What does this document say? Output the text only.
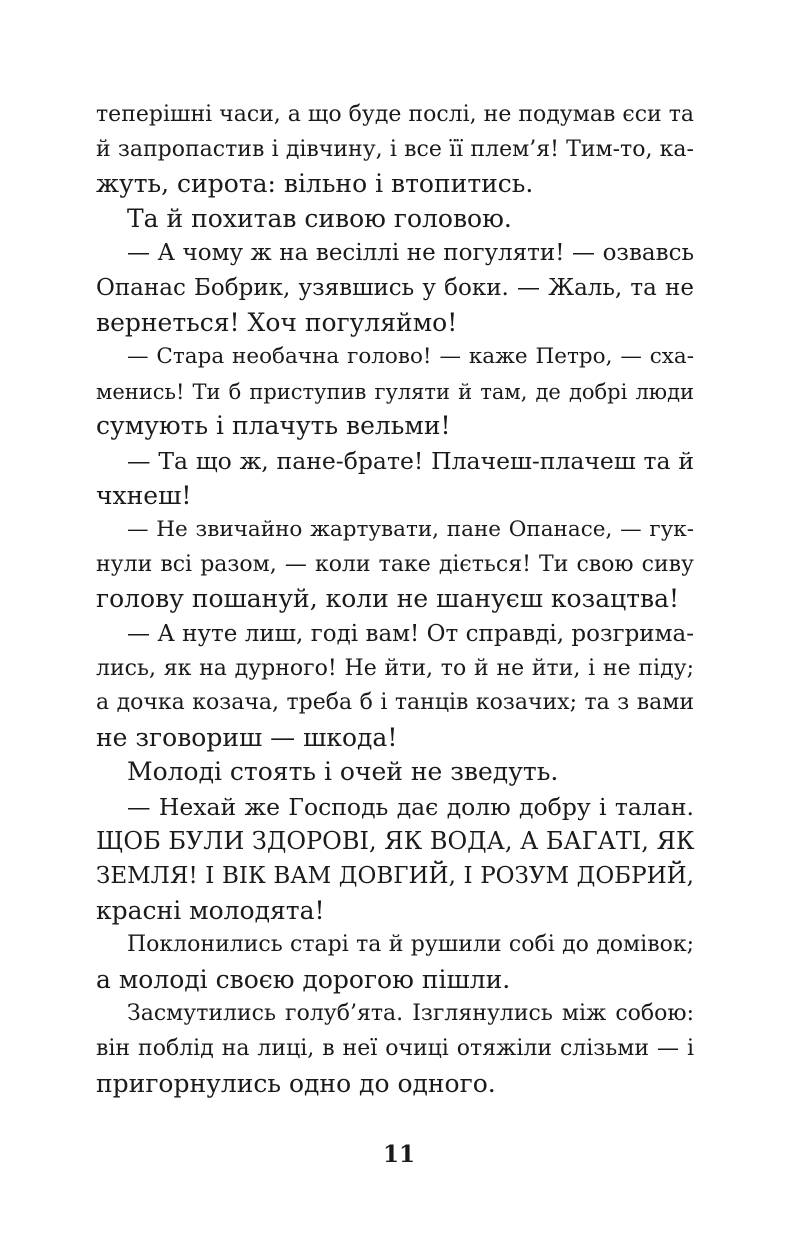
теперішні часи, а що буде послі, не подумав єси та
й запропастив і дівчину, і все її плем’я! Тим-то, ка-
жуть, сирота: вільно і втопитись.
Та й похитав сивою головою.
— А чому ж на весіллі не погуляти! — озвавсь
Опанас Бобрик, узявшись у боки. — Жаль, та не
вернеться! Хоч погуляймо!
— Стара необачна голово! — каже Петро, — сха-
менись! Ти б приступив гуляти й там, де добрі люди
сумують і плачуть вельми!
— Та що ж, пане-брате! Плачеш-плачеш та й
чхнеш!
— Не звичайно жартувати, пане Опанасе, — гук-
нули всі разом, — коли таке діється! Ти свою сиву
голову пошануй, коли не шануєш козацтва!
— А нуте лиш, годі вам! От справді, розгрима-
лись, як на дурного! Не йти, то й не йти, і не піду;
а дочка козача, треба б і танців козачих; та з вами
не зговориш — шкода!
Молоді стоять і очей не зведуть.
— Нехай же Господь дає долю добру і талан.
ЩОБ БУЛИ ЗДОРОВІ, ЯК ВОДА, А БАГАТІ, ЯК
ЗЕМЛЯ! І ВІК ВАМ ДОВГИЙ, І РОЗУМ ДОБРИЙ,
красні молодята!
Поклонились старі та й рушили собі до домівок;
а молоді своєю дорогою пішли.
Засмутились голуб’ята. Ізглянулись між собою:
він поблід на лиці, в неї очиці отяжіли слізьми — і
пригорнулись одно до одного.
11
